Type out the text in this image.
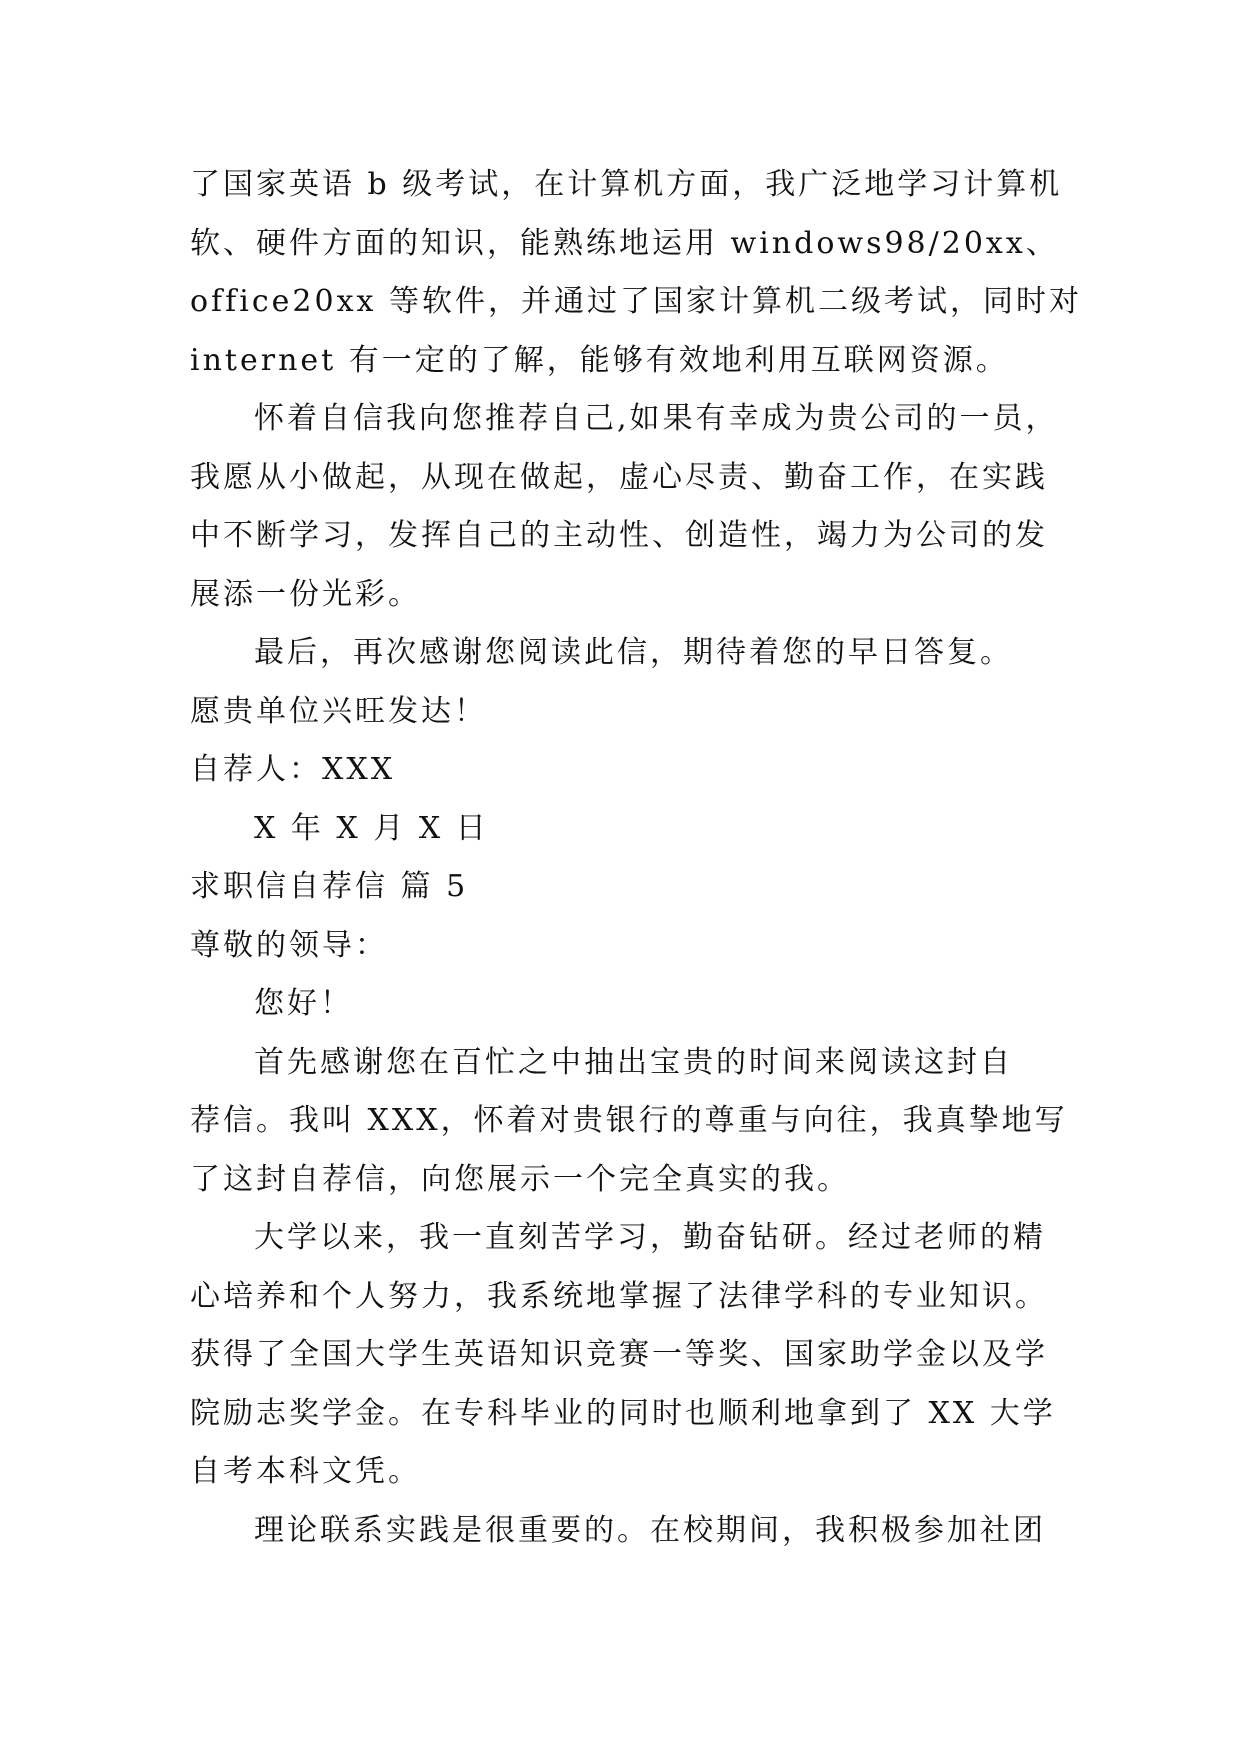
了国家英语 b 级考试，在计算机方面，我广泛地学习计算机
软、硬件方面的知识，能熟练地运用 windows98/20xx、
office20xx 等软件，并通过了国家计算机二级考试，同时对
internet 有一定的了解，能够有效地利用互联网资源。
怀着自信我向您推荐自己,如果有幸成为贵公司的一员，
我愿从小做起，从现在做起，虚心尽责、勤奋工作，在实践
中不断学习，发挥自己的主动性、创造性，竭力为公司的发
展添一份光彩。
最后，再次感谢您阅读此信，期待着您的早日答复。
愿贵单位兴旺发达！
自荐人：XXX
X 年 X 月 X 日
求职信自荐信 篇 5
尊敬的领导：
您好！
首先感谢您在百忙之中抽出宝贵的时间来阅读这封自
荐信。我叫 XXX，怀着对贵银行的尊重与向往，我真挚地写
了这封自荐信，向您展示一个完全真实的我。
大学以来，我一直刻苦学习，勤奋钻研。经过老师的精
心培养和个人努力，我系统地掌握了法律学科的专业知识。
获得了全国大学生英语知识竞赛一等奖、国家助学金以及学
院励志奖学金。在专科毕业的同时也顺利地拿到了 XX 大学
自考本科文凭。
理论联系实践是很重要的。在校期间，我积极参加社团
